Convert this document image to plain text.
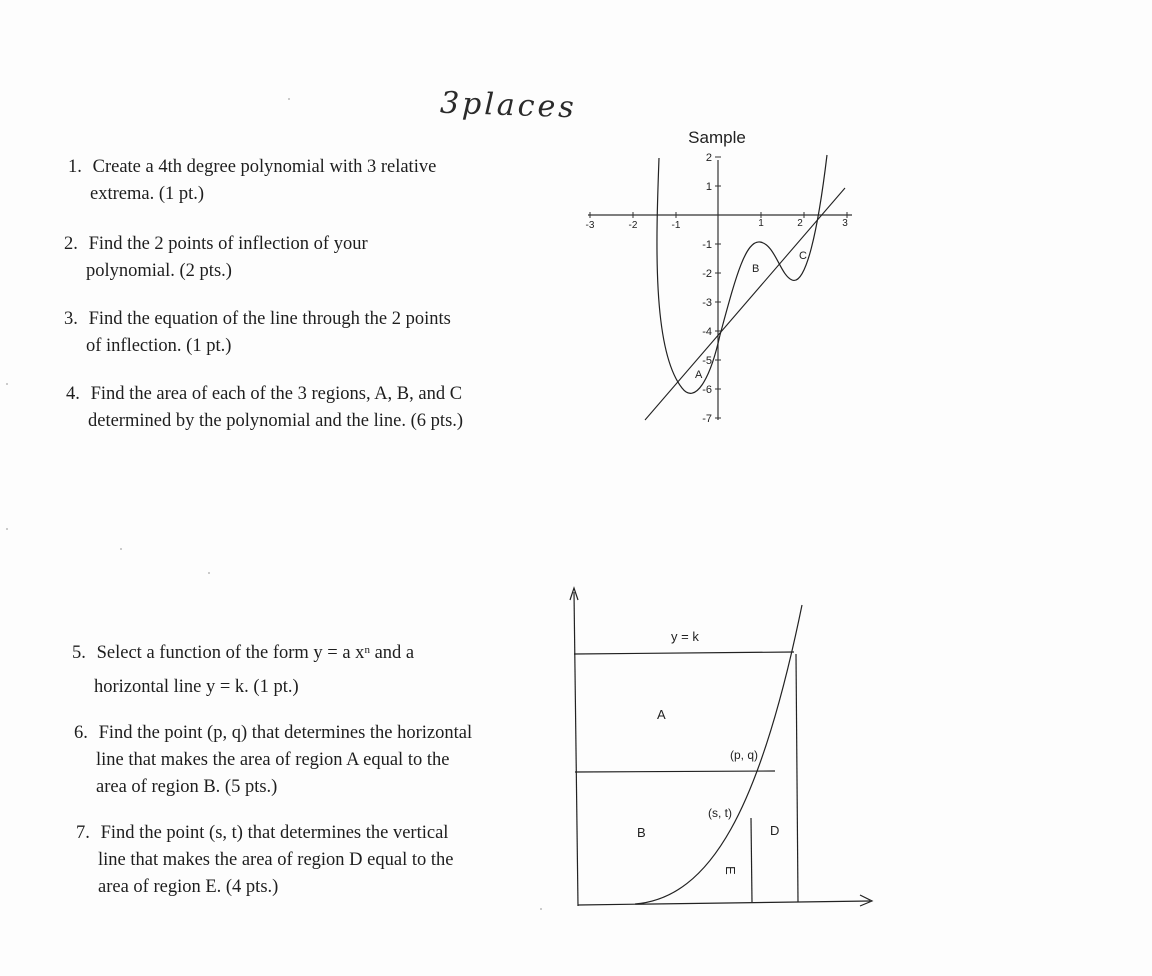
3places
1. Create a 4th degree polynomial with 3 relative
extrema. (1 pt.)
2. Find the 2 points of inflection of your
polynomial. (2 pts.)
3. Find the equation of the line through the 2 points
of inflection. (1 pt.)
4. Find the area of each of the 3 regions, A, B, and C
determined by the polynomial and the line. (6 pts.)
Sample
-3	-2	-1	1	2	3
2
1
-1
-2
-3
-4
-5
-6
-7
A
B
C
5. Select a function of the form y = a $x^n$ and a
horizontal line y = k. (1 pt.)
6. Find the point (p, q) that determines the horizontal
line that makes the area of region A equal to the
area of region B. (5 pts.)
7. Find the point (s, t) that determines the vertical
line that makes the area of region D equal to the
area of region E. (4 pts.)
y = k
A
(p, q)
(s, t)
B	D
E
